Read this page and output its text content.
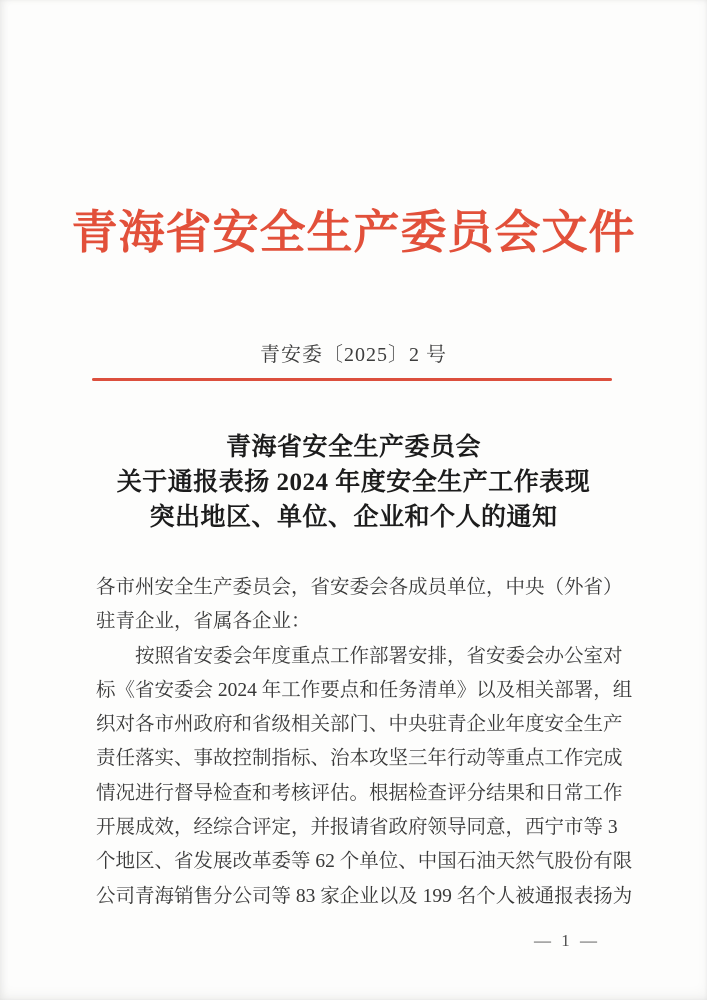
青海省安全生产委员会文件
青安委〔2025〕2 号
青海省安全生产委员会
关于通报表扬 2024 年度安全生产工作表现
突出地区、单位、企业和个人的通知
各市州安全生产委员会，省安委会各成员单位，中央（外省）
驻青企业，省属各企业：
按照省安委会年度重点工作部署安排，省安委会办公室对
标《省安委会 2024 年工作要点和任务清单》以及相关部署，组
织对各市州政府和省级相关部门、中央驻青企业年度安全生产
责任落实、事故控制指标、治本攻坚三年行动等重点工作完成
情况进行督导检查和考核评估。根据检查评分结果和日常工作
开展成效，经综合评定，并报请省政府领导同意，西宁市等 3
个地区、省发展改革委等 62 个单位、中国石油天然气股份有限
公司青海销售分公司等 83 家企业以及 199 名个人被通报表扬为
— 1 —
